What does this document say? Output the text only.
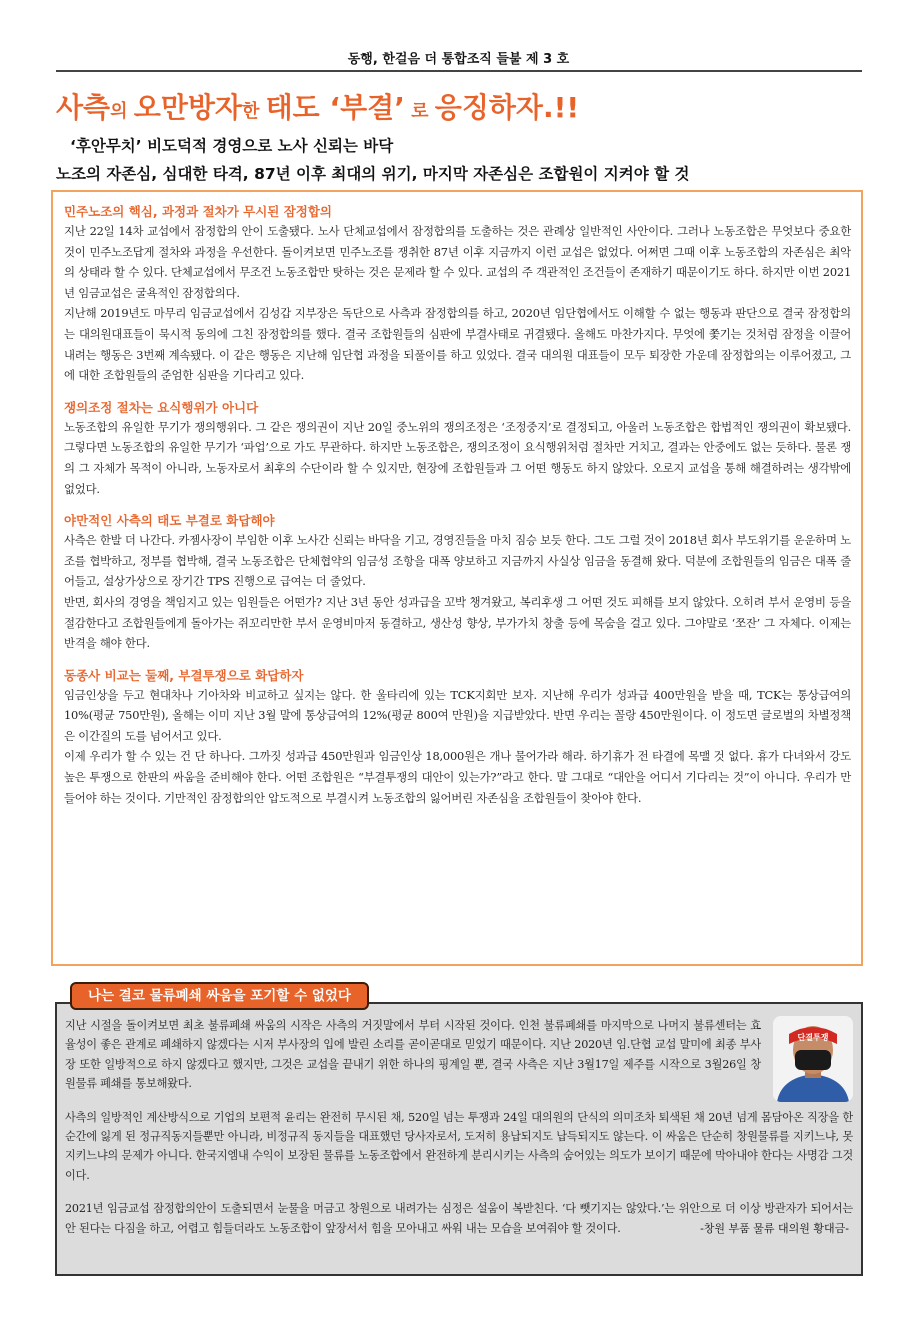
동행, 한걸음 더 통합조직 들불 제 3 호
사측의 오만방자한 태도 ‘부결’ 로 응징하자.!!
‘후안무치’ 비도덕적 경영으로 노사 신뢰는 바닥
노조의 자존심, 심대한 타격, 87년 이후 최대의 위기, 마지막 자존심은 조합원이 지켜야 할 것

민주노조의 핵심, 과정과 절차가 무시된 잠정합의

지난 22일 14차 교섭에서 잠정합의 안이 도출됐다. 노사 단체교섭에서 잠정합의를 도출하는 것은 관례상 일반적인 사안이다. 그러나 노동조합은 무엇보다 중요한 것이 민주노조답게 절차와 과정을 우선한다. 돌이켜보면 민주노조를 쟁취한 87년 이후 지금까지 이런 교섭은 없었다. 어쩌면 그때 이후 노동조합의 자존심은 최악의 상태라 할 수 있다. 단체교섭에서 무조건 노동조합만 탓하는 것은 문제라 할 수 있다. 교섭의 주 객관적인 조건들이 존재하기 때문이기도 하다. 하지만 이번 2021년 임금교섭은 굴욕적인 잠정합의다.

지난해 2019년도 마무리 임금교섭에서 김성갑 지부장은 독단으로 사측과 잠정합의를 하고, 2020년 임단협에서도 이해할 수 없는 행동과 판단으로 결국 잠정합의는 대의원대표들이 묵시적 동의에 그친 잠정합의를 했다. 결국 조합원들의 심판에 부결사태로 귀결됐다. 올해도 마찬가지다. 무엇에 쫓기는 것처럼 잠정을 이끌어 내려는 행동은 3번째 계속됐다. 이 같은 행동은 지난해 임단협 과정을 되풀이를 하고 있었다. 결국 대의원 대표들이 모두 퇴장한 가운데 잠정합의는 이루어졌고, 그에 대한 조합원들의 준엄한 심판을 기다리고 있다.

쟁의조정 절차는 요식행위가 아니다

노동조합의 유일한 무기가 쟁의행위다. 그 같은 쟁의권이 지난 20일 중노위의 쟁의조정은 ‘조정중지’로 결정되고, 아울러 노동조합은 합법적인 쟁의권이 확보됐다. 그렇다면 노동조합의 유일한 무기가 ‘파업’으로 가도 무관하다. 하지만 노동조합은, 쟁의조정이 요식행위처럼 절차만 거치고, 결과는 안중에도 없는 듯하다. 물론 쟁의 그 자체가 목적이 아니라, 노동자로서 최후의 수단이라 할 수 있지만, 현장에 조합원들과 그 어떤 행동도 하지 않았다. 오로지 교섭을 통해 해결하려는 생각밖에 없었다.

야만적인 사측의 태도 부결로 화답해야

사측은 한발 더 나간다. 카젬사장이 부임한 이후 노사간 신뢰는 바닥을 기고, 경영진들을 마치 짐승 보듯 한다. 그도 그럴 것이 2018년 회사 부도위기를 운운하며 노조를 협박하고, 정부를 협박해, 결국 노동조합은 단체협약의 임금성 조항을 대폭 양보하고 지금까지 사실상 임금을 동결해 왔다. 덕분에 조합원들의 임금은 대폭 줄어들고, 설상가상으로 장기간 TPS 진행으로 급여는 더 줄었다.

반면, 회사의 경영을 책임지고 있는 임원들은 어떤가? 지난 3년 동안 성과급을 꼬박 챙겨왔고, 복리후생 그 어떤 것도 피해를 보지 않았다. 오히려 부서 운영비 등을 절감한다고 조합원들에게 돌아가는 쥐꼬리만한 부서 운영비마저 동결하고, 생산성 향상, 부가가치 창출 등에 목숨을 걸고 있다. 그야말로 ‘쪼잔’ 그 자체다. 이제는 반격을 해야 한다.

동종사 비교는 둘째, 부결투쟁으로 화답하자

임금인상을 두고 현대차나 기아차와 비교하고 싶지는 않다. 한 울타리에 있는 TCK지회만 보자. 지난해 우리가 성과급 400만원을 받을 때, TCK는 통상급여의 10%(평균 750만원), 올해는 이미 지난 3월 말에 통상급여의 12%(평균 800여 만원)을 지급받았다. 반면 우리는 꼴랑 450만원이다. 이 정도면 글로벌의 차별정책은 이간질의 도를 넘어서고 있다.

이제 우리가 할 수 있는 건 단 하나다. 그까짓 성과급 450만원과 임금인상 18,000원은 개나 물어가라 해라. 하기휴가 전 타결에 목맬 것 없다. 휴가 다녀와서 강도 높은 투쟁으로 한판의 싸움을 준비해야 한다. 어떤 조합원은 “부결투쟁의 대안이 있는가?”라고 한다. 말 그대로 “대안을 어디서 기다리는 것”이 아니다. 우리가 만들어야 하는 것이다. 기만적인 잠정합의안 압도적으로 부결시켜 노동조합의 잃어버린 자존심을 조합원들이 찾아야 한다.

단결투쟁

지난 시절을 돌이켜보면 최초 불류폐쇄 싸움의 시작은 사측의 거짓말에서 부터 시작된 것이다. 인천 불류폐쇄를 마지막으로 나머지 불류센터는 효율성이 좋은 관계로 폐쇄하지 않겠다는 시저 부사장의 입에 발린 소리를 곧이곧대로 믿었기 때문이다. 지난 2020년 임.단협 교섭 말미에 최종 부사장 또한 일방적으로 하지 않겠다고 했지만, 그것은 교섭을 끝내기 위한 하나의 핑계일 뿐, 결국 사측은 지난 3월17일 제주를 시작으로 3월26일 창원물류 폐쇄를 통보해왔다.

사측의 일방적인 계산방식으로 기업의 보편적 윤리는 완전히 무시된 채, 520일 넘는 투쟁과 24일 대의원의 단식의 의미조차 퇴색된 채 20년 넘게 몸담아온 직장을 한순간에 잃게 된 정규직동지들뿐만 아니라, 비정규직 동지들을 대표했던 당사자로서, 도저히 용납되지도 납득되지도 않는다. 이 싸움은 단순히 창원물류를 지키느냐, 못 지키느냐의 문제가 아니다. 한국지엠내 수익이 보장된 물류를 노동조합에서 완전하게 분리시키는 사측의 숨어있는 의도가 보이기 때문에 막아내야 한다는 사명감 그것이다.

2021년 임금교섭 잠정합의안이 도출되면서 눈물을 머금고 창원으로 내려가는 심정은 설움이 복받친다. ‘다 뺏기지는 않았다.’는 위안으로 더 이상 방관자가 되어서는 안 된다는 다짐을 하고, 어렵고 힘들더라도 노동조합이 앞장서서 힘을 모아내고 싸워 내는 모습을 보여줘야 할 것이다.	-창원 부품 물류 대의원 황대금-
나는 결코 물류폐쇄 싸움을 포기할 수 없었다
